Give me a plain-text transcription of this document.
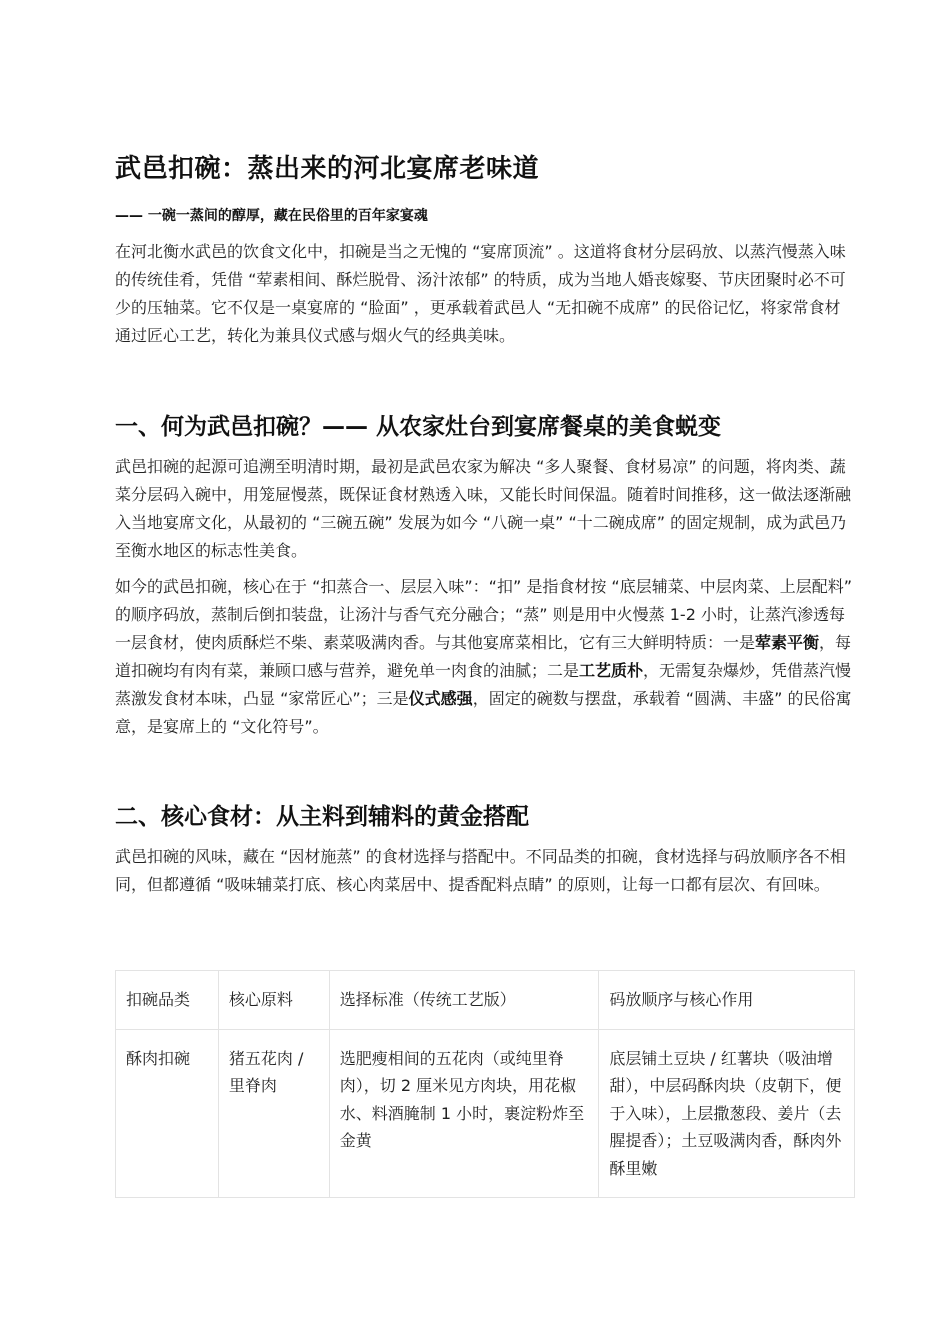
武邑扣碗：蒸出来的河北宴席老味道
—— 一碗一蒸间的醇厚，藏在民俗里的百年家宴魂

在河北衡水武邑的饮食文化中，扣碗是当之无愧的 “宴席顶流” 。这道将食材分层码放、以蒸汽慢蒸入味的传统佳肴，凭借 “荤素相间、酥烂脱骨、汤汁浓郁” 的特质，成为当地人婚丧嫁娶、节庆团聚时必不可少的压轴菜。它不仅是一桌宴席的 “脸面” ，更承载着武邑人 “无扣碗不成席” 的民俗记忆，将家常食材通过匠心工艺，转化为兼具仪式感与烟火气的经典美味。

一、何为武邑扣碗？—— 从农家灶台到宴席餐桌的美食蜕变

武邑扣碗的起源可追溯至明清时期，最初是武邑农家为解决 “多人聚餐、食材易凉” 的问题，将肉类、蔬菜分层码入碗中，用笼屉慢蒸，既保证食材熟透入味，又能长时间保温。随着时间推移，这一做法逐渐融入当地宴席文化，从最初的 “三碗五碗” 发展为如今 “八碗一桌” “十二碗成席” 的固定规制，成为武邑乃至衡水地区的标志性美食。

如今的武邑扣碗，核心在于 “扣蒸合一、层层入味”：“扣” 是指食材按 “底层辅菜、中层肉菜、上层配料” 的顺序码放，蒸制后倒扣装盘，让汤汁与香气充分融合；“蒸” 则是用中火慢蒸 1-2 小时，让蒸汽渗透每一层食材，使肉质酥烂不柴、素菜吸满肉香。与其他宴席菜相比，它有三大鲜明特质：一是荤素平衡，每道扣碗均有肉有菜，兼顾口感与营养，避免单一肉食的油腻；二是工艺质朴，无需复杂爆炒，凭借蒸汽慢蒸激发食材本味，凸显 “家常匠心”；三是仪式感强，固定的碗数与摆盘，承载着 “圆满、丰盛” 的民俗寓意，是宴席上的 “文化符号”。

二、核心食材：从主料到辅料的黄金搭配

武邑扣碗的风味，藏在 “因材施蒸” 的食材选择与搭配中。不同品类的扣碗，食材选择与码放顺序各不相同，但都遵循 “吸味辅菜打底、核心肉菜居中、提香配料点睛” 的原则，让每一口都有层次、有回味。

扣碗品类	核心原料	选择标准（传统工艺版）	码放顺序与核心作用
酥肉扣碗	猪五花肉 / 里脊肉	选肥瘦相间的五花肉（或纯里脊肉），切 2 厘米见方肉块，用花椒水、料酒腌制 1 小时，裹淀粉炸至金黄	底层铺土豆块 / 红薯块（吸油增甜），中层码酥肉块（皮朝下，便于入味），上层撒葱段、姜片（去腥提香）；土豆吸满肉香，酥肉外酥里嫩
